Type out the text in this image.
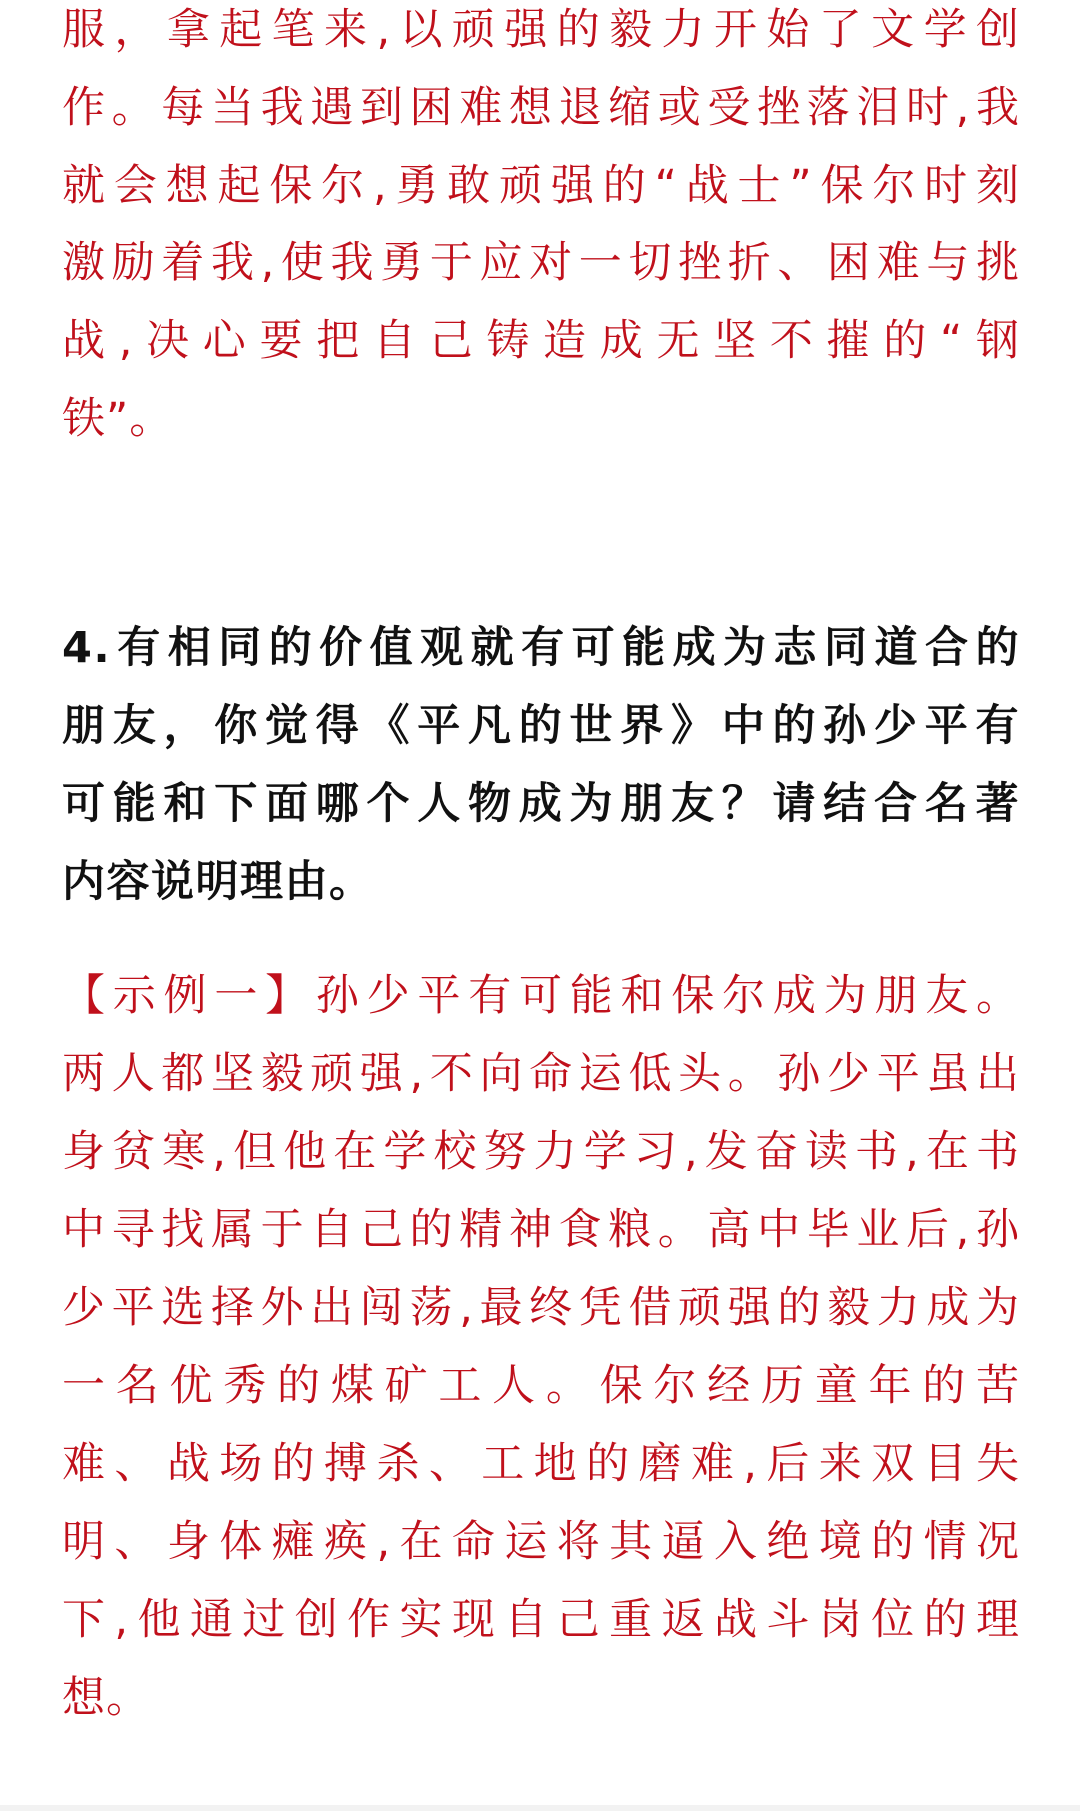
服，拿起笔来,以顽强的毅力开始了文学创
作。每当我遇到困难想退缩或受挫落泪时,我
就会想起保尔,勇敢顽强的“战士”保尔时刻
激励着我,使我勇于应对一切挫折、困难与挑
战,决心要把自己铸造成无坚不摧的“钢
铁”。
4.有相同的价值观就有可能成为志同道合的
朋友，你觉得《平凡的世界》中的孙少平有
可能和下面哪个人物成为朋友？请结合名著
内容说明理由。
【示例一】孙少平有可能和保尔成为朋友。
两人都坚毅顽强,不向命运低头。孙少平虽出
身贫寒,但他在学校努力学习,发奋读书,在书
中寻找属于自己的精神食粮。高中毕业后,孙
少平选择外出闯荡,最终凭借顽强的毅力成为
一名优秀的煤矿工人。保尔经历童年的苦
难、战场的搏杀、工地的磨难,后来双目失
明、身体瘫痪,在命运将其逼入绝境的情况
下,他通过创作实现自己重返战斗岗位的理
想。
